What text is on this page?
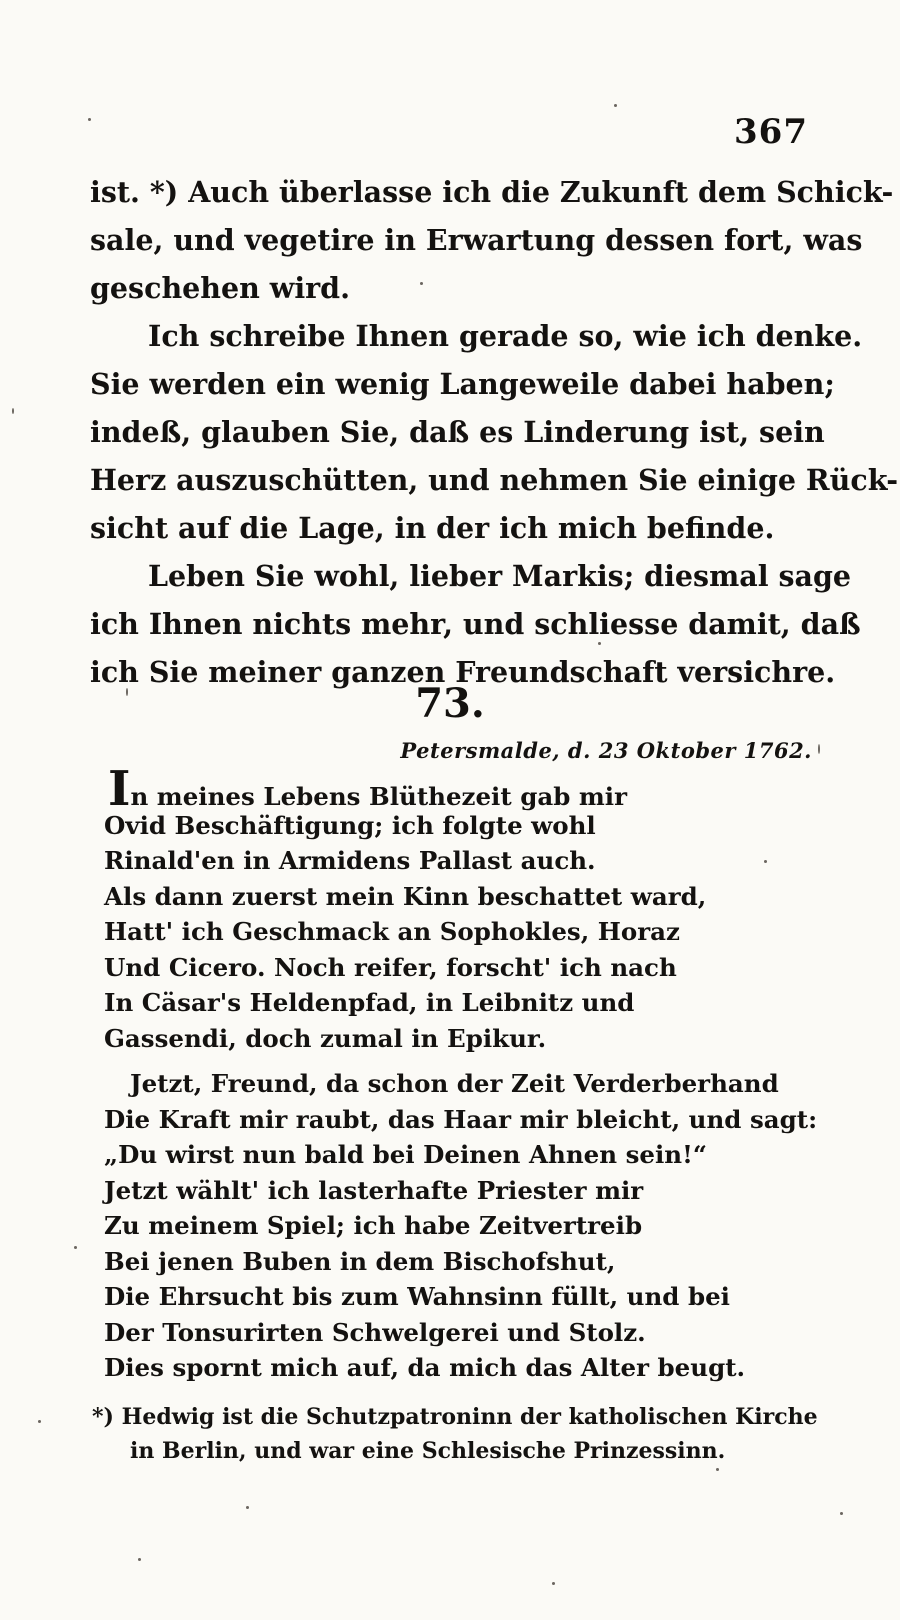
367
ist. *) Auch überlasse ich die Zukunft dem Schick-
sale, und vegetire in Erwartung dessen fort, was
geschehen wird.
Ich schreibe Ihnen gerade so, wie ich denke.
Sie werden ein wenig Langeweile dabei haben;
indeß, glauben Sie, daß es Linderung ist, sein
Herz auszuschütten, und nehmen Sie einige Rück-
sicht auf die Lage, in der ich mich befinde.
Leben Sie wohl, lieber Markis; diesmal sage
ich Ihnen nichts mehr, und schliesse damit, daß
ich Sie meiner ganzen Freundschaft versichre.
73.
Petersmalde, d. 23 Oktober 1762.
In meines Lebens Blüthezeit gab mir
Ovid Beschäftigung; ich folgte wohl
Rinald'en in Armidens Pallast auch.
Als dann zuerst mein Kinn beschattet ward,
Hatt' ich Geschmack an Sophokles, Horaz
Und Cicero. Noch reifer, forscht' ich nach
In Cäsar's Heldenpfad, in Leibnitz und
Gassendi, doch zumal in Epikur.
Jetzt, Freund, da schon der Zeit Verderberhand
Die Kraft mir raubt, das Haar mir bleicht, und sagt:
„Du wirst nun bald bei Deinen Ahnen sein!“
Jetzt wählt' ich lasterhafte Priester mir
Zu meinem Spiel; ich habe Zeitvertreib
Bei jenen Buben in dem Bischofshut,
Die Ehrsucht bis zum Wahnsinn füllt, und bei
Der Tonsurirten Schwelgerei und Stolz.
Dies spornt mich auf, da mich das Alter beugt.
*) Hedwig ist die Schutzpatroninn der katholischen Kirche
in Berlin, und war eine Schlesische Prinzessinn.
